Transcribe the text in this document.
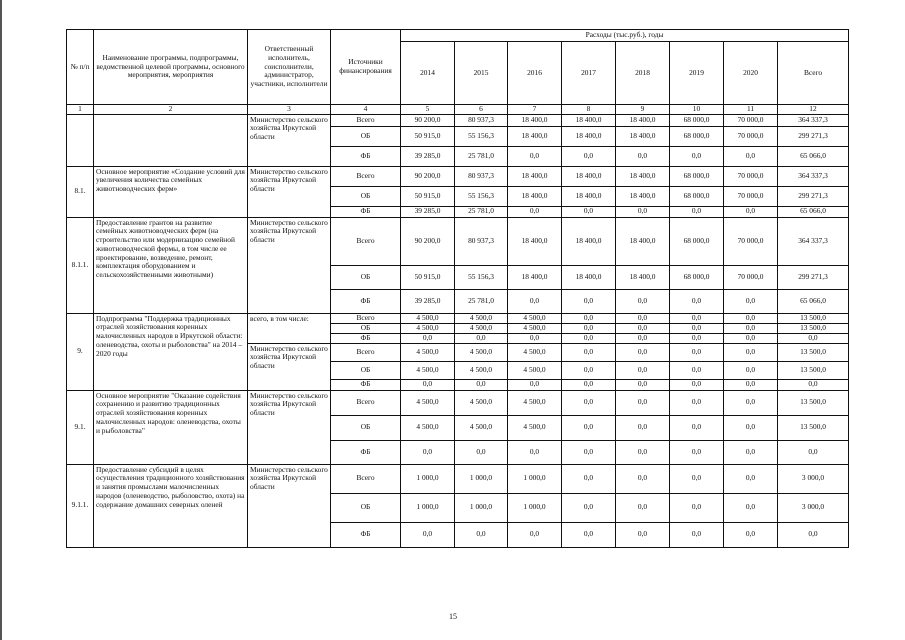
№ п/п	Наименование программы, подпрограммы, ведомственной целевой программы, основного мероприятия, мероприятия	Ответственный исполнитель, соисполнители, администратор, участники, исполнители	Источники финансирования	Расходы (тыс.руб.), годы							
				2014	2015	2016	2017	2018	2019	2020	Всего
1	2	3	4	5	6	7	8	9	10	11	12
		Министерство сельского хозяйства Иркутской области	Всего	90 200,0	80 937,3	18 400,0	18 400,0	18 400,0	68 000,0	70 000,0	364 337,3
			ОБ	50 915,0	55 156,3	18 400,0	18 400,0	18 400,0	68 000,0	70 000,0	299 271,3
			ФБ	39 285,0	25 781,0	0,0	0,0	0,0	0,0	0,0	65 066,0
8.1.	Основное мероприятие «Создание условий для увеличения количества семейных животноводческих ферм»	Министерство сельского хозяйства Иркутской области	Всего	90 200,0	80 937,3	18 400,0	18 400,0	18 400,0	68 000,0	70 000,0	364 337,3
			ОБ	50 915,0	55 156,3	18 400,0	18 400,0	18 400,0	68 000,0	70 000,0	299 271,3
			ФБ	39 285,0	25 781,0	0,0	0,0	0,0	0,0	0,0	65 066,0
8.1.1.	Предоставление грантов на развитие семейных животноводческих ферм (на строительство или модернизацию семейной животноводческой фермы, в том числе ее проектирование, возведение, ремонт, комплектация оборудованием и сельскохозяйственными животными)	Министерство сельского хозяйства Иркутской области	Всего	90 200,0	80 937,3	18 400,0	18 400,0	18 400,0	68 000,0	70 000,0	364 337,3
			ОБ	50 915,0	55 156,3	18 400,0	18 400,0	18 400,0	68 000,0	70 000,0	299 271,3
			ФБ	39 285,0	25 781,0	0,0	0,0	0,0	0,0	0,0	65 066,0
9.	Подпрограмма "Поддержка традиционных отраслей хозяйствования коренных малочисленных народов в Иркутской области: оленеводства, охоты и рыболовства" на 2014 – 2020 годы	всего, в том числе:	Всего	4 500,0	4 500,0	4 500,0	0,0	0,0	0,0	0,0	13 500,0
			ОБ	4 500,0	4 500,0	4 500,0	0,0	0,0	0,0	0,0	13 500,0
			ФБ	0,0	0,0	0,0	0,0	0,0	0,0	0,0	0,0
		Министерство сельского хозяйства Иркутской области	Всего	4 500,0	4 500,0	4 500,0	0,0	0,0	0,0	0,0	13 500,0
			ОБ	4 500,0	4 500,0	4 500,0	0,0	0,0	0,0	0,0	13 500,0
			ФБ	0,0	0,0	0,0	0,0	0,0	0,0	0,0	0,0
9.1.	Основное мероприятие "Оказание содействия сохранению и развитию традиционных отраслей хозяйствования коренных малочисленных народов: оленеводства, охоты и рыболовства"	Министерство сельского хозяйства Иркутской области	Всего	4 500,0	4 500,0	4 500,0	0,0	0,0	0,0	0,0	13 500,0
			ОБ	4 500,0	4 500,0	4 500,0	0,0	0,0	0,0	0,0	13 500,0
			ФБ	0,0	0,0	0,0	0,0	0,0	0,0	0,0	0,0
9.1.1.	Предоставление субсидий в целях осуществления традиционного хозяйствования и занятия промыслами малочисленных народов (оленеводство, рыболовство, охота) на содержание домашних северных оленей	Министерство сельского хозяйства Иркутской области	Всего	1 000,0	1 000,0	1 000,0	0,0	0,0	0,0	0,0	3 000,0
			ОБ	1 000,0	1 000,0	1 000,0	0,0	0,0	0,0	0,0	3 000,0
			ФБ	0,0	0,0	0,0	0,0	0,0	0,0	0,0	0,0
15
